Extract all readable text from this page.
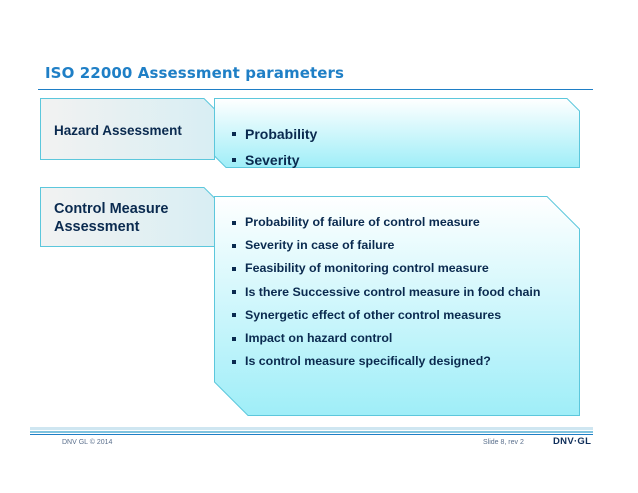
ISO 22000 Assessment parameters
Hazard Assessment	Probability
Severity
Control Measure
Assessment	Probability of failure of control measure
Severity in case of failure
Feasibility of monitoring control measure
Is there Successive control measure in food chain
Synergetic effect of other control measures
Impact on hazard control
Is control measure specifically designed?
DNV GL © 2014	Slide 8, rev 2	DNV·GL
